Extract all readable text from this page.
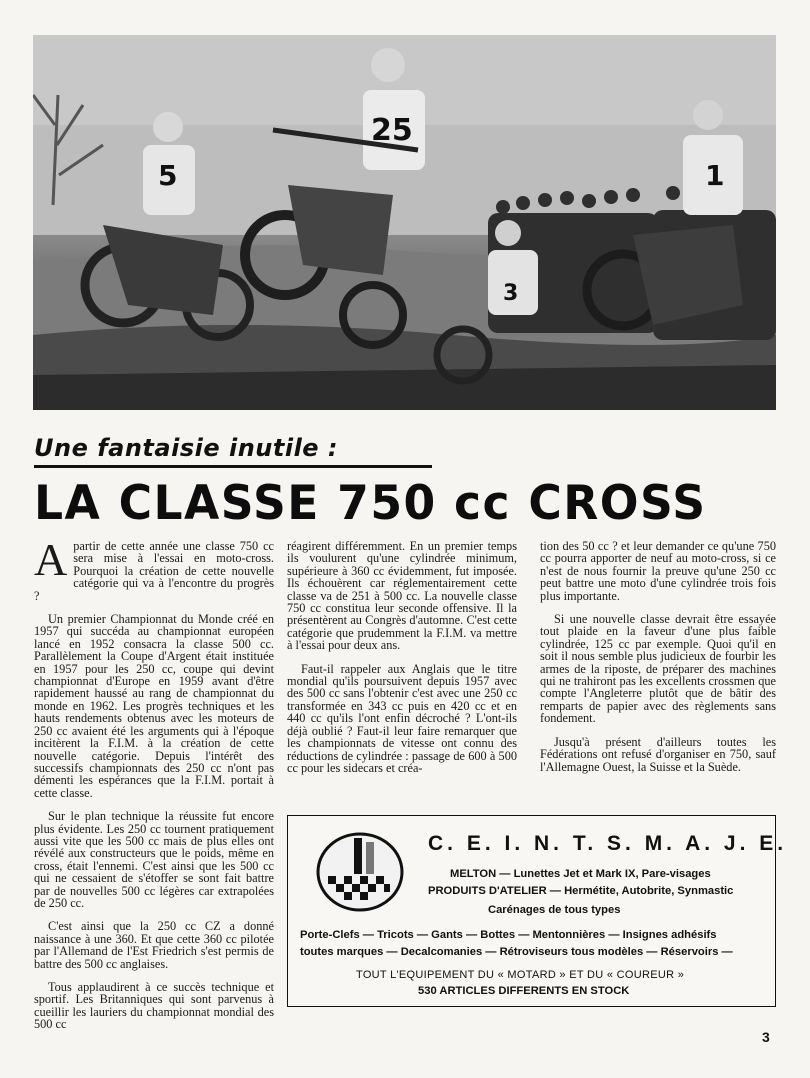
5
25
3
1
Une fantaisie inutile :
LA CLASSE 750 cc CROSS

Apartir de cette année une classe 750 cc sera mise à l'essai en moto-cross. Pourquoi la création de cette nouvelle catégorie qui va à l'encontre du progrès ?

Un premier Championnat du Monde créé en 1957 qui succéda au championnat européen lancé en 1952 consacra la classe 500 cc. Parallèlement la Coupe d'Argent était instituée en 1957 pour les 250 cc, coupe qui devint championnat d'Europe en 1959 avant d'être rapidement haussé au rang de championnat du monde en 1962. Les progrès techniques et les hauts rendements obtenus avec les moteurs de 250 cc avaient été les arguments qui à l'époque incitèrent la F.I.M. à la création de cette nouvelle catégorie. Depuis l'intérêt des successifs championnats des 250 cc n'ont pas démenti les espérances que la F.I.M. portait à cette classe.

Sur le plan technique la réussite fut encore plus évidente. Les 250 cc tournent pratiquement aussi vite que les 500 cc mais de plus elles ont révélé aux constructeurs que le poids, même en cross, était l'ennemi. C'est ainsi que les 500 cc qui ne cessaient de s'étoffer se sont fait battre par de nouvelles 500 cc légères car extrapolées de 250 cc.

C'est ainsi que la 250 cc CZ a donné naissance à une 360. Et que cette 360 cc pilotée par l'Allemand de l'Est Friedrich s'est permis de battre des 500 cc anglaises.

Tous applaudirent à ce succès technique et sportif. Les Britanniques qui sont parvenus à cueillir les lauriers du championnat mondial des 500 cc

réagirent différemment. En un premier temps ils voulurent qu'une cylindrée minimum, supérieure à 360 cc évidemment, fut imposée. Ils échouèrent car réglementairement cette classe va de 251 à 500 cc. La nouvelle classe 750 cc constitua leur seconde offensive. Il la présentèrent au Congrès d'automne. C'est cette catégorie que prudemment la F.I.M. va mettre à l'essai pour deux ans.

Faut-il rappeler aux Anglais que le titre mondial qu'ils poursuivent depuis 1957 avec des 500 cc sans l'obtenir c'est avec une 250 cc transformée en 343 cc puis en 420 cc et en 440 cc qu'ils l'ont enfin décroché ? L'ont-ils déjà oublié ? Faut-il leur faire remarquer que les championnats de vitesse ont connu des réductions de cylindrée : passage de 600 à 500 cc pour les sidecars et créa-

tion des 50 cc ? et leur demander ce qu'une 750 cc pourra apporter de neuf au moto-cross, si ce n'est de nous fournir la preuve qu'une 250 cc peut battre une moto d'une cylindrée trois fois plus importante.

Si une nouvelle classe devrait être essayée tout plaide en la faveur d'une plus faible cylindrée, 125 cc par exemple. Quoi qu'il en soit il nous semble plus judicieux de fourbir les armes de la riposte, de préparer des machines qui ne trahiront pas les excellents crossmen que compte l'Angleterre plutôt que de bâtir des remparts de papier avec des règlements sans fondement.

Jusqu'à présent d'ailleurs toutes les Fédérations ont refusé d'organiser en 750, sauf l'Allemagne Ouest, la Suisse et la Suède.

C. E. I. N. T. S. M. A. J. E.
MELTON — Lunettes Jet et Mark IX, Pare-visages
PRODUITS D'ATELIER — Hermétite, Autobrite, Synmastic
Carénages de tous types
Porte-Clefs — Tricots — Gants — Bottes — Mentonnières — Insignes adhésifs
toutes marques — Decalcomanies — Rétroviseurs tous modèles — Réservoirs —
TOUT L'EQUIPEMENT DU « MOTARD » ET DU « COUREUR »
530 ARTICLES DIFFERENTS EN STOCK
3
